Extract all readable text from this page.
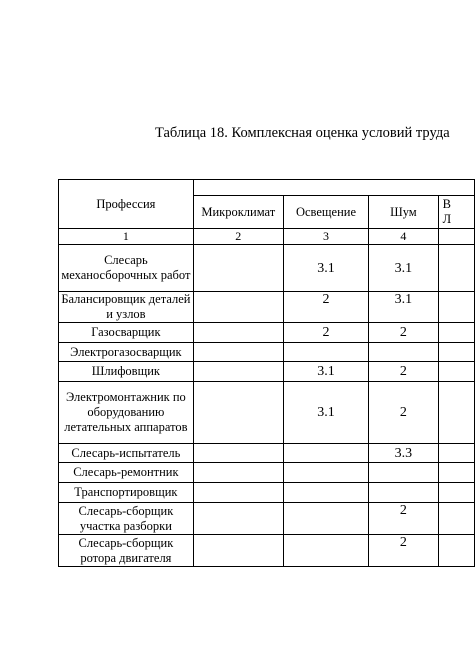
Таблица 18. Комплексная оценка условий труда
Профессия				
	Микроклимат	Освещение	Шум	В
Л
1	2	3	4	
Слесарь механосборочных работ		3.1	3.1	
Балансировщик деталей и узлов		2	3.1	
Газосварщик		2	2	
Электрогазосварщик				
Шлифовщик		3.1	2	
Электромонтажник по оборудованию летательных аппаратов		3.1	2	
Слесарь-испытатель			3.3	
Слесарь-ремонтник				
Транспортировщик				
Слесарь-сборщик участка разборки			2	
Слесарь-сборщик ротора двигателя			2	
